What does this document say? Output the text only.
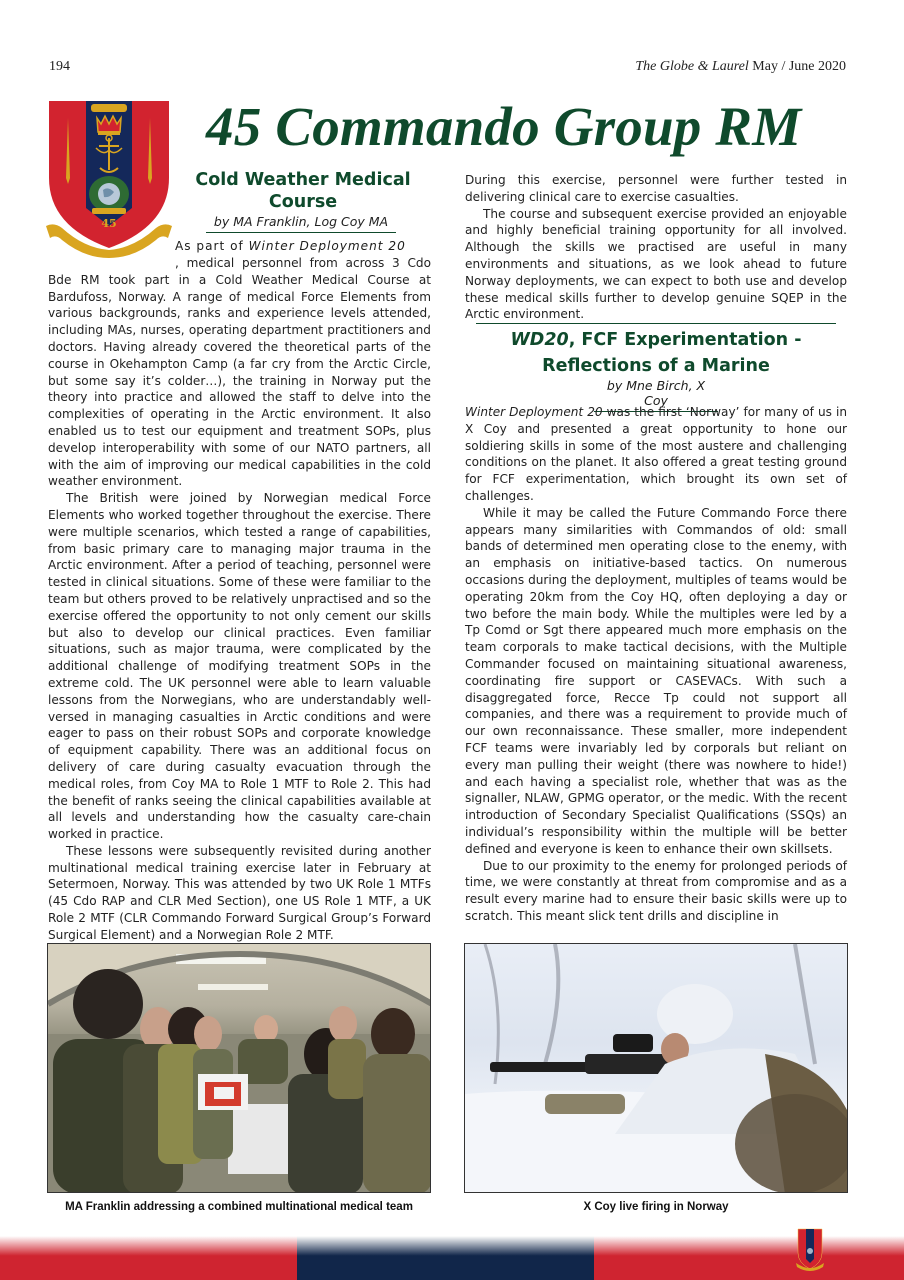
194	The Globe & Laurel May / June 2020
45
45 Commando Group RM
Cold Weather Medical Course
by MA Franklin, Log Coy MA
As part of Winter Deployment 20

, medical personnel from across 3 Cdo Bde RM took part in a Cold Weather Medical Course at Bardufoss, Norway. A range of medical Force Elements from various backgrounds, ranks and experience levels attended, including MAs, nurses, operating department practitioners and doctors. Having already covered the theoretical parts of the course in Okehampton Camp (a far cry from the Arctic Circle, but some say it’s colder…), the training in Norway put the theory into practice and allowed the staff to delve into the complexities of operating in the Arctic environment. It also enabled us to test our equipment and treatment SOPs, plus develop interoperability with some of our NATO partners, all with the aim of improving our medical capabilities in the cold weather environment.

The British were joined by Norwegian medical Force Elements who worked together throughout the exercise. There were multiple scenarios, which tested a range of capabilities, from basic primary care to managing major trauma in the Arctic environment. After a period of teaching, personnel were tested in clinical situations. Some of these were familiar to the team but others proved to be relatively unpractised and so the exercise offered the opportunity to not only cement our skills but also to develop our clinical practices. Even familiar situations, such as major trauma, were complicated by the additional challenge of modifying treatment SOPs in the extreme cold. The UK personnel were able to learn valuable lessons from the Norwegians, who are understandably well-versed in managing casualties in Arctic conditions and were eager to pass on their robust SOPs and corporate knowledge of equipment capability. There was an additional focus on delivery of care during casualty evacuation through the medical roles, from Coy MA to Role 1 MTF to Role 2. This had the benefit of ranks seeing the clinical capabilities available at all levels and understanding how the casualty care-chain worked in practice.

These lessons were subsequently revisited during another multinational medical training exercise later in February at Setermoen, Norway. This was attended by two UK Role 1 MTFs (45 Cdo RAP and CLR Med Section), one US Role 1 MTF, a UK Role 2 MTF (CLR Commando Forward Surgical Group’s Forward Surgical Element) and a Norwegian Role 2 MTF.

During this exercise, personnel were further tested in delivering clinical care to exercise casualties.

The course and subsequent exercise provided an enjoyable and highly beneficial training opportunity for all involved. Although the skills we practised are useful in many environments and situations, as we look ahead to future Norway deployments, we can expect to both use and develop these medical skills further to develop genuine SQEP in the Arctic environment.

WD20, FCF Experimentation - Reflections of a Marine
by Mne Birch, X Coy

Winter Deployment 20 was the first ‘Norway’ for many of us in X Coy and presented a great opportunity to hone our soldiering skills in some of the most austere and challenging conditions on the planet. It also offered a great testing ground for FCF experimentation, which brought its own set of challenges.

While it may be called the Future Commando Force there appears many similarities with Commandos of old: small bands of determined men operating close to the enemy, with an emphasis on initiative-based tactics. On numerous occasions during the deployment, multiples of teams would be operating 20km from the Coy HQ, often deploying a day or two before the main body. While the multiples were led by a Tp Comd or Sgt there appeared much more emphasis on the team corporals to make tactical decisions, with the Multiple Commander focused on maintaining situational awareness, coordinating fire support or CASEVACs. With such a disaggregated force, Recce Tp could not support all companies, and there was a requirement to provide much of our own reconnaissance. These smaller, more independent FCF teams were invariably led by corporals but reliant on every man pulling their weight (there was nowhere to hide!) and each having a specialist role, whether that was as the signaller, NLAW, GPMG operator, or the medic. With the recent introduction of Secondary Specialist Qualifications (SSQs) an individual’s responsibility within the multiple will be better defined and everyone is keen to enhance their own skillsets.

Due to our proximity to the enemy for prolonged periods of time, we were constantly at threat from compromise and as a result every marine had to ensure their basic skills were up to scratch. This meant slick tent drills and discipline in

MA Franklin addressing a combined multinational medical team	X Coy live firing in Norway
